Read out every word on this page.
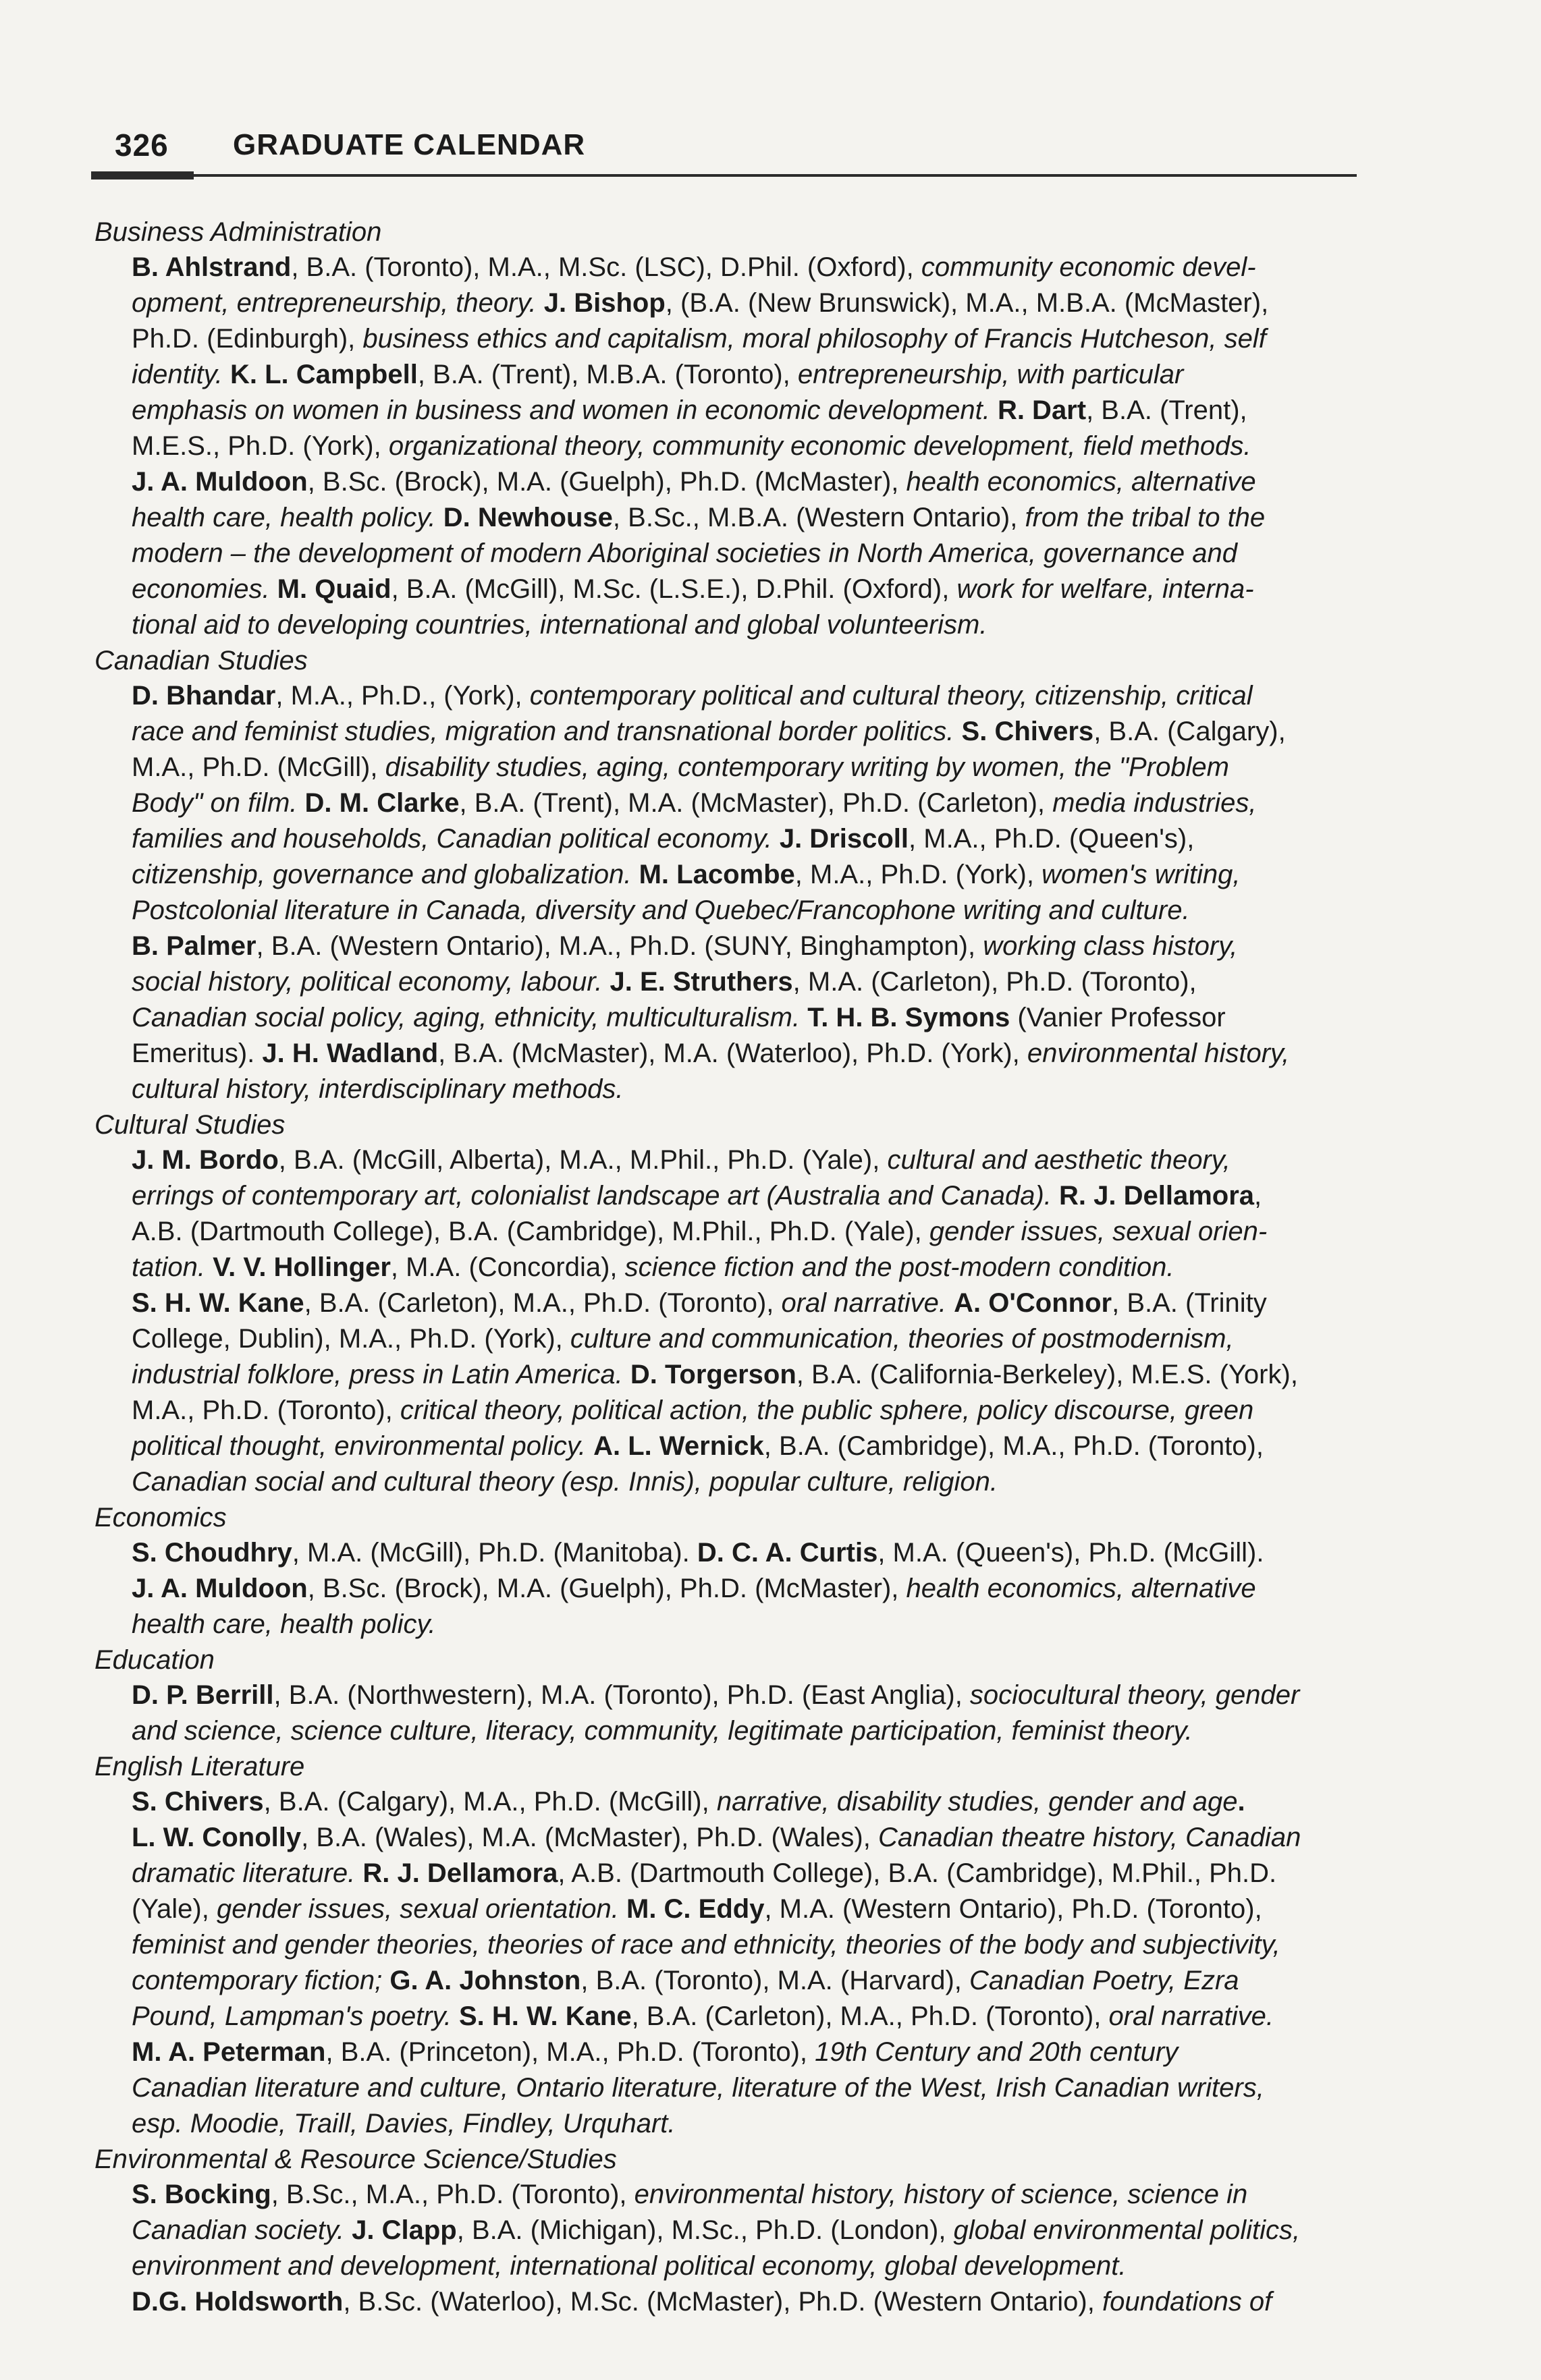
326 GRADUATE CALENDAR
Business Administration
B. Ahlstrand, B.A. (Toronto), M.A., M.Sc. (LSC), D.Phil. (Oxford), community economic devel-
opment, entrepreneurship, theory. J. Bishop, (B.A. (New Brunswick), M.A., M.B.A. (McMaster),
Ph.D. (Edinburgh), business ethics and capitalism, moral philosophy of Francis Hutcheson, self
identity. K. L. Campbell, B.A. (Trent), M.B.A. (Toronto), entrepreneurship, with particular
emphasis on women in business and women in economic development. R. Dart, B.A. (Trent),
M.E.S., Ph.D. (York), organizational theory, community economic development, field methods.
J. A. Muldoon, B.Sc. (Brock), M.A. (Guelph), Ph.D. (McMaster), health economics, alternative
health care, health policy. D. Newhouse, B.Sc., M.B.A. (Western Ontario), from the tribal to the
modern – the development of modern Aboriginal societies in North America, governance and
economies. M. Quaid, B.A. (McGill), M.Sc. (L.S.E.), D.Phil. (Oxford), work for welfare, interna-
tional aid to developing countries, international and global volunteerism.
Canadian Studies
D. Bhandar, M.A., Ph.D., (York), contemporary political and cultural theory, citizenship, critical
race and feminist studies, migration and transnational border politics. S. Chivers, B.A. (Calgary),
M.A., Ph.D. (McGill), disability studies, aging, contemporary writing by women, the "Problem
Body" on film. D. M. Clarke, B.A. (Trent), M.A. (McMaster), Ph.D. (Carleton), media industries,
families and households, Canadian political economy. J. Driscoll, M.A., Ph.D. (Queen's),
citizenship, governance and globalization. M. Lacombe, M.A., Ph.D. (York), women's writing,
Postcolonial literature in Canada, diversity and Quebec/Francophone writing and culture.
B. Palmer, B.A. (Western Ontario), M.A., Ph.D. (SUNY, Binghampton), working class history,
social history, political economy, labour. J. E. Struthers, M.A. (Carleton), Ph.D. (Toronto),
Canadian social policy, aging, ethnicity, multiculturalism. T. H. B. Symons (Vanier Professor
Emeritus). J. H. Wadland, B.A. (McMaster), M.A. (Waterloo), Ph.D. (York), environmental history,
cultural history, interdisciplinary methods.
Cultural Studies
J. M. Bordo, B.A. (McGill, Alberta), M.A., M.Phil., Ph.D. (Yale), cultural and aesthetic theory,
errings of contemporary art, colonialist landscape art (Australia and Canada). R. J. Dellamora,
A.B. (Dartmouth College), B.A. (Cambridge), M.Phil., Ph.D. (Yale), gender issues, sexual orien-
tation. V. V. Hollinger, M.A. (Concordia), science fiction and the post-modern condition.
S. H. W. Kane, B.A. (Carleton), M.A., Ph.D. (Toronto), oral narrative. A. O'Connor, B.A. (Trinity
College, Dublin), M.A., Ph.D. (York), culture and communication, theories of postmodernism,
industrial folklore, press in Latin America. D. Torgerson, B.A. (California-Berkeley), M.E.S. (York),
M.A., Ph.D. (Toronto), critical theory, political action, the public sphere, policy discourse, green
political thought, environmental policy. A. L. Wernick, B.A. (Cambridge), M.A., Ph.D. (Toronto),
Canadian social and cultural theory (esp. Innis), popular culture, religion.
Economics
S. Choudhry, M.A. (McGill), Ph.D. (Manitoba). D. C. A. Curtis, M.A. (Queen's), Ph.D. (McGill).
J. A. Muldoon, B.Sc. (Brock), M.A. (Guelph), Ph.D. (McMaster), health economics, alternative
health care, health policy.
Education
D. P. Berrill, B.A. (Northwestern), M.A. (Toronto), Ph.D. (East Anglia), sociocultural theory, gender
and science, science culture, literacy, community, legitimate participation, feminist theory.
English Literature
S. Chivers, B.A. (Calgary), M.A., Ph.D. (McGill), narrative, disability studies, gender and age.
L. W. Conolly, B.A. (Wales), M.A. (McMaster), Ph.D. (Wales), Canadian theatre history, Canadian
dramatic literature. R. J. Dellamora, A.B. (Dartmouth College), B.A. (Cambridge), M.Phil., Ph.D.
(Yale), gender issues, sexual orientation. M. C. Eddy, M.A. (Western Ontario), Ph.D. (Toronto),
feminist and gender theories, theories of race and ethnicity, theories of the body and subjectivity,
contemporary fiction; G. A. Johnston, B.A. (Toronto), M.A. (Harvard), Canadian Poetry, Ezra
Pound, Lampman's poetry. S. H. W. Kane, B.A. (Carleton), M.A., Ph.D. (Toronto), oral narrative.
M. A. Peterman, B.A. (Princeton), M.A., Ph.D. (Toronto), 19th Century and 20th century
Canadian literature and culture, Ontario literature, literature of the West, Irish Canadian writers,
esp. Moodie, Traill, Davies, Findley, Urquhart.
Environmental & Resource Science/Studies
S. Bocking, B.Sc., M.A., Ph.D. (Toronto), environmental history, history of science, science in
Canadian society. J. Clapp, B.A. (Michigan), M.Sc., Ph.D. (London), global environmental politics,
environment and development, international political economy, global development.
D.G. Holdsworth, B.Sc. (Waterloo), M.Sc. (McMaster), Ph.D. (Western Ontario), foundations of
